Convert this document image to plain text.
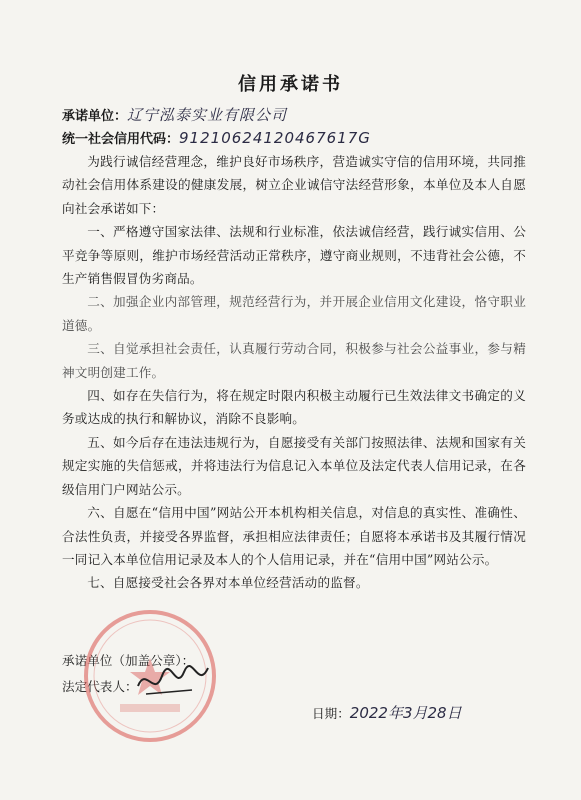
信用承诺书
承诺单位：辽宁泓泰实业有限公司
统一社会信用代码：91210624120467617G

为践行诚信经营理念，维护良好市场秩序，营造诚实守信的信用环境，共同推动社会信用体系建设的健康发展，树立企业诚信守法经营形象，本单位及本人自愿向社会承诺如下：

一、严格遵守国家法律、法规和行业标准，依法诚信经营，践行诚实信用、公平竞争等原则，维护市场经营活动正常秩序，遵守商业规则，不违背社会公德，不生产销售假冒伪劣商品。

二、加强企业内部管理，规范经营行为，并开展企业信用文化建设，恪守职业道德。

三、自觉承担社会责任，认真履行劳动合同，积极参与社会公益事业，参与精神文明创建工作。

四、如存在失信行为，将在规定时限内积极主动履行已生效法律文书确定的义务或达成的执行和解协议，消除不良影响。

五、如今后存在违法违规行为，自愿接受有关部门按照法律、法规和国家有关规定实施的失信惩戒，并将违法行为信息记入本单位及法定代表人信用记录，在各级信用门户网站公示。

六、自愿在“信用中国”网站公开本机构相关信息，对信息的真实性、准确性、合法性负责，并接受各界监督，承担相应法律责任；自愿将本承诺书及其履行情况一同记入本单位信用记录及本人的个人信用记录，并在“信用中国”网站公示。

七、自愿接受社会各界对本单位经营活动的监督。

承诺单位（加盖公章）：
法定代表人：
日期：2022年3月28日
